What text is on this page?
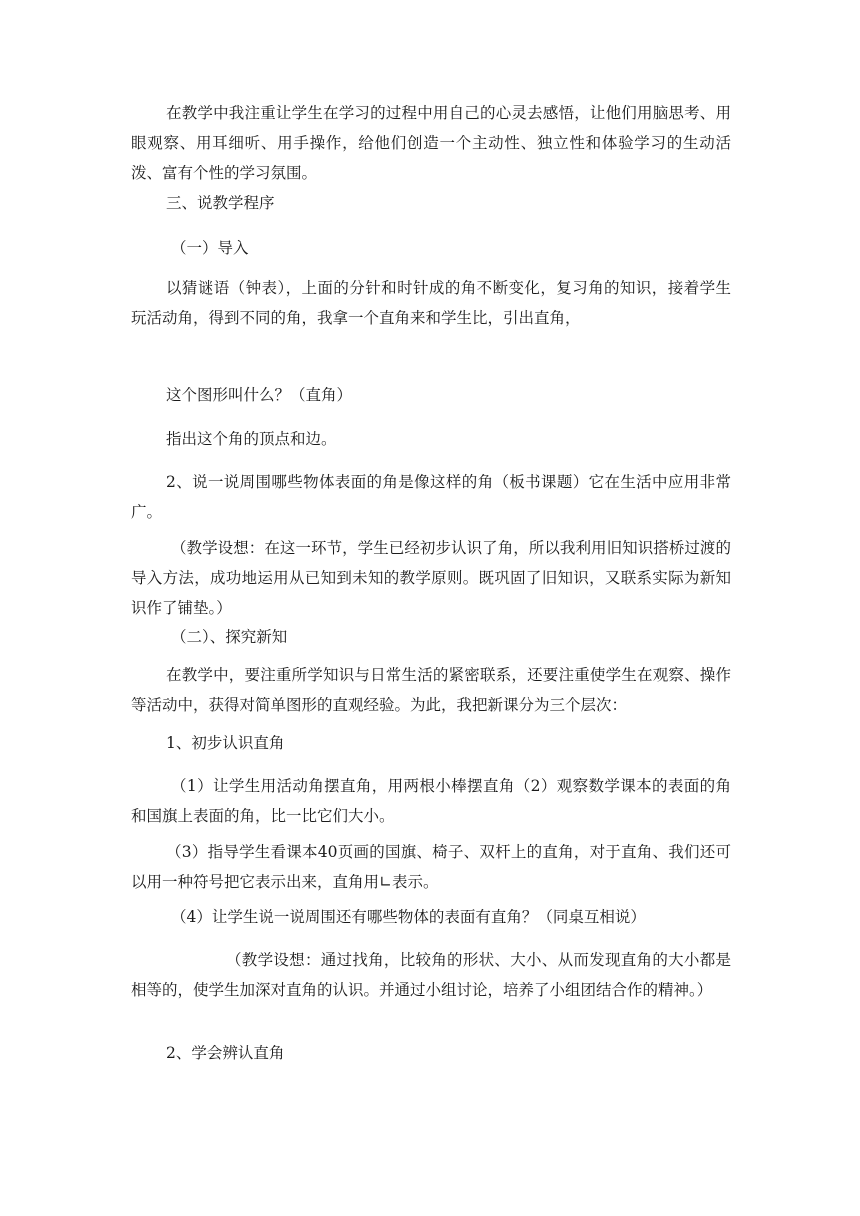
在教学中我注重让学生在学习的过程中用自己的心灵去感悟，让他们用脑思考、用眼观察、用耳细听、用手操作，给他们创造一个主动性、独立性和体验学习的生动活泼、富有个性的学习氛围。

三、说教学程序

（一）导入

以猜谜语（钟表），上面的分针和时针成的角不断变化，复习角的知识，接着学生玩活动角，得到不同的角，我拿一个直角来和学生比，引出直角，

这个图形叫什么？（直角）

指出这个角的顶点和边。

2、说一说周围哪些物体表面的角是像这样的角（板书课题）它在生活中应用非常广。

（教学设想：在这一环节，学生已经初步认识了角，所以我利用旧知识搭桥过渡的导入方法，成功地运用从已知到未知的教学原则。既巩固了旧知识，又联系实际为新知识作了铺垫。）

（二）、探究新知

在教学中，要注重所学知识与日常生活的紧密联系，还要注重使学生在观察、操作等活动中，获得对简单图形的直观经验。为此，我把新课分为三个层次：

1、初步认识直角

（1）让学生用活动角摆直角，用两根小棒摆直角（2）观察数学课本的表面的角和国旗上表面的角，比一比它们大小。

（3）指导学生看课本40页画的国旗、椅子、双杆上的直角，对于直角、我们还可以用一种符号把它表示出来，直角用∟表示。

（4）让学生说一说周围还有哪些物体的表面有直角？（同桌互相说）

（教学设想：通过找角，比较角的形状、大小、从而发现直角的大小都是相等的，使学生加深对直角的认识。并通过小组讨论，培养了小组团结合作的精神。）

2、学会辨认直角
